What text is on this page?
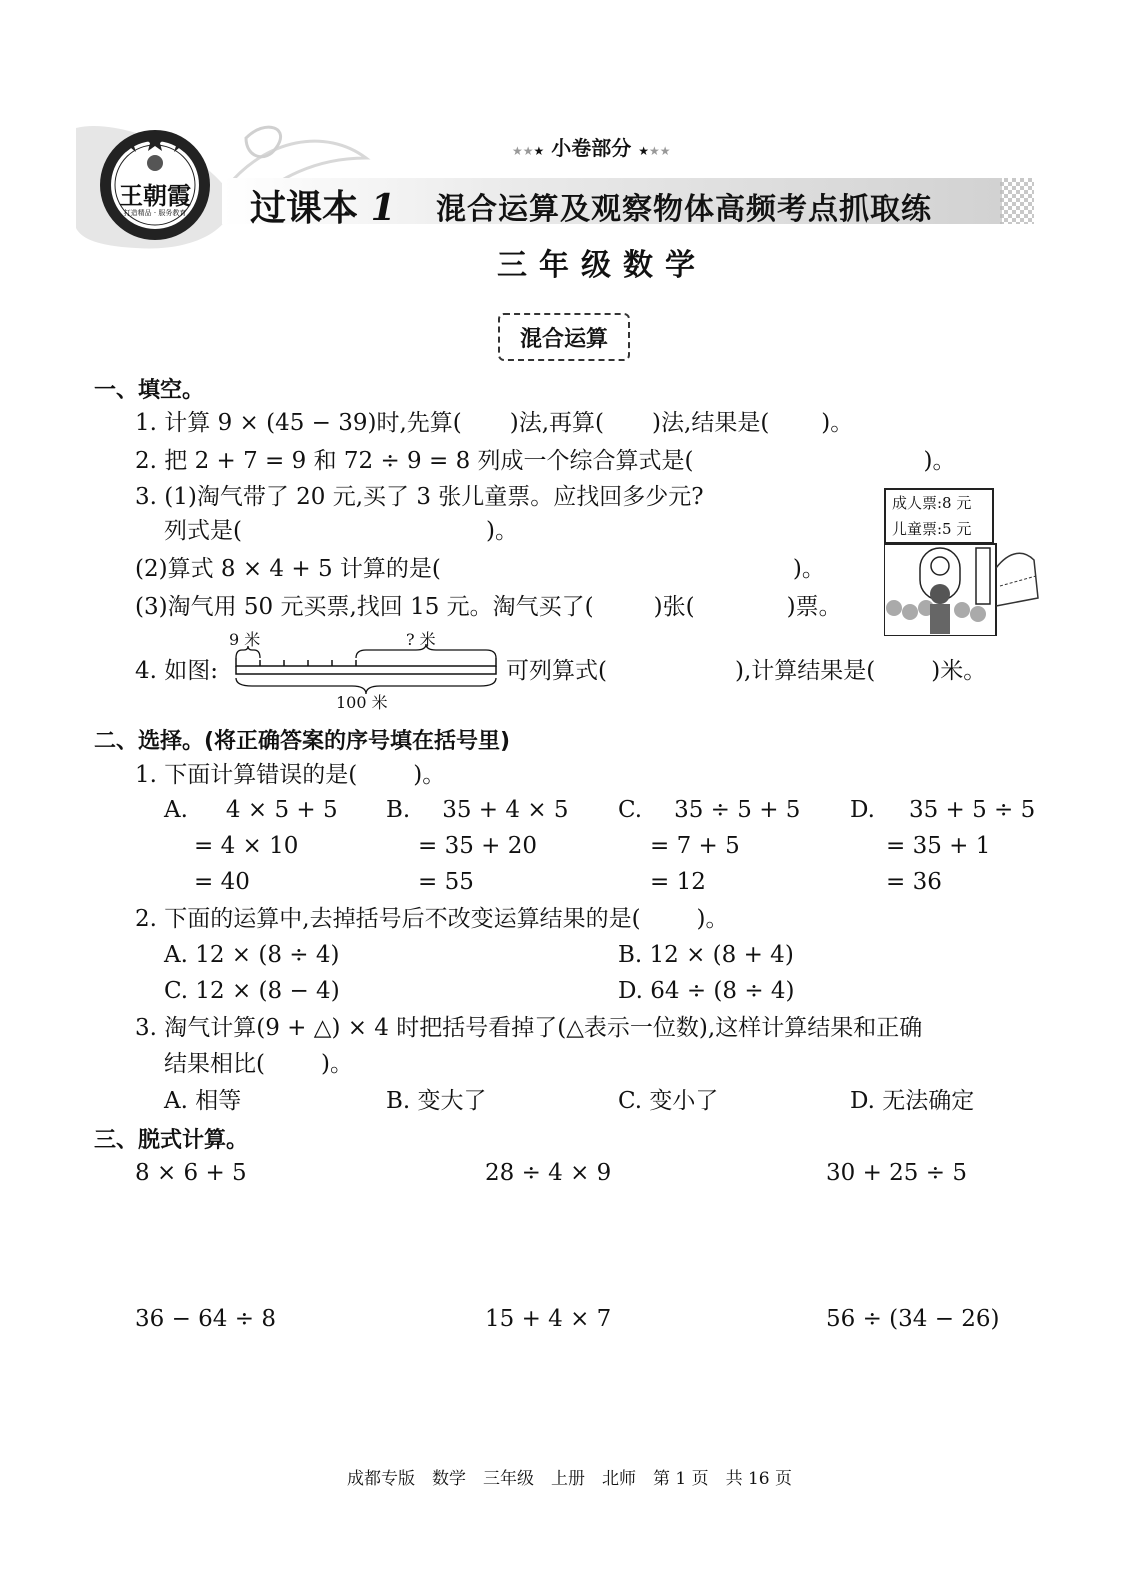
王朝霞
打造精品 · 服务教育
★★★ 小卷部分 ★★★
过课本 1 混合运算及观察物体高频考点抓取练
三年级数学
混合运算
一、填空。
1. 计算 9 × (45 − 39)时,先算( )法,再算( )法,结果是( )。
2. 把 2 + 7 = 9 和 72 ÷ 9 = 8 列成一个综合算式是(	)。
3. (1)淘气带了 20 元,买了 3 张儿童票。应找回多少元?
列式是(	)。
(2)算式 8 × 4 + 5 计算的是(	)。
(3)淘气用 50 元买票,找回 15 元。淘气买了(	)张(	)票。
成人票:8 元
儿童票:5 元
4. 如图:
9 米	? 米
100 米
可列算式(	),计算结果是( )米。
二、选择。(将正确答案的序号填在括号里)
1. 下面计算错误的是( )。
A. 4 × 5 + 5
= 4 × 10
= 40
B. 35 + 4 × 5
= 35 + 20
= 55
C. 35 ÷ 5 + 5
= 7 + 5
= 12
D. 35 + 5 ÷ 5
= 35 + 1
= 36
2. 下面的运算中,去掉括号后不改变运算结果的是( )。
A. 12 × (8 ÷ 4)	B. 12 × (8 + 4)
C. 12 × (8 − 4)	D. 64 ÷ (8 ÷ 4)
3. 淘气计算(9 + △) × 4 时把括号看掉了(△表示一位数),这样计算结果和正确
结果相比( )。
A. 相等	B. 变大了	C. 变小了	D. 无法确定
三、脱式计算。
8 × 6 + 5	28 ÷ 4 × 9	30 + 25 ÷ 5
36 − 64 ÷ 8	15 + 4 × 7	56 ÷ (34 − 26)
成都专版　数学　三年级　上册　北师　第 1 页　共 16 页
